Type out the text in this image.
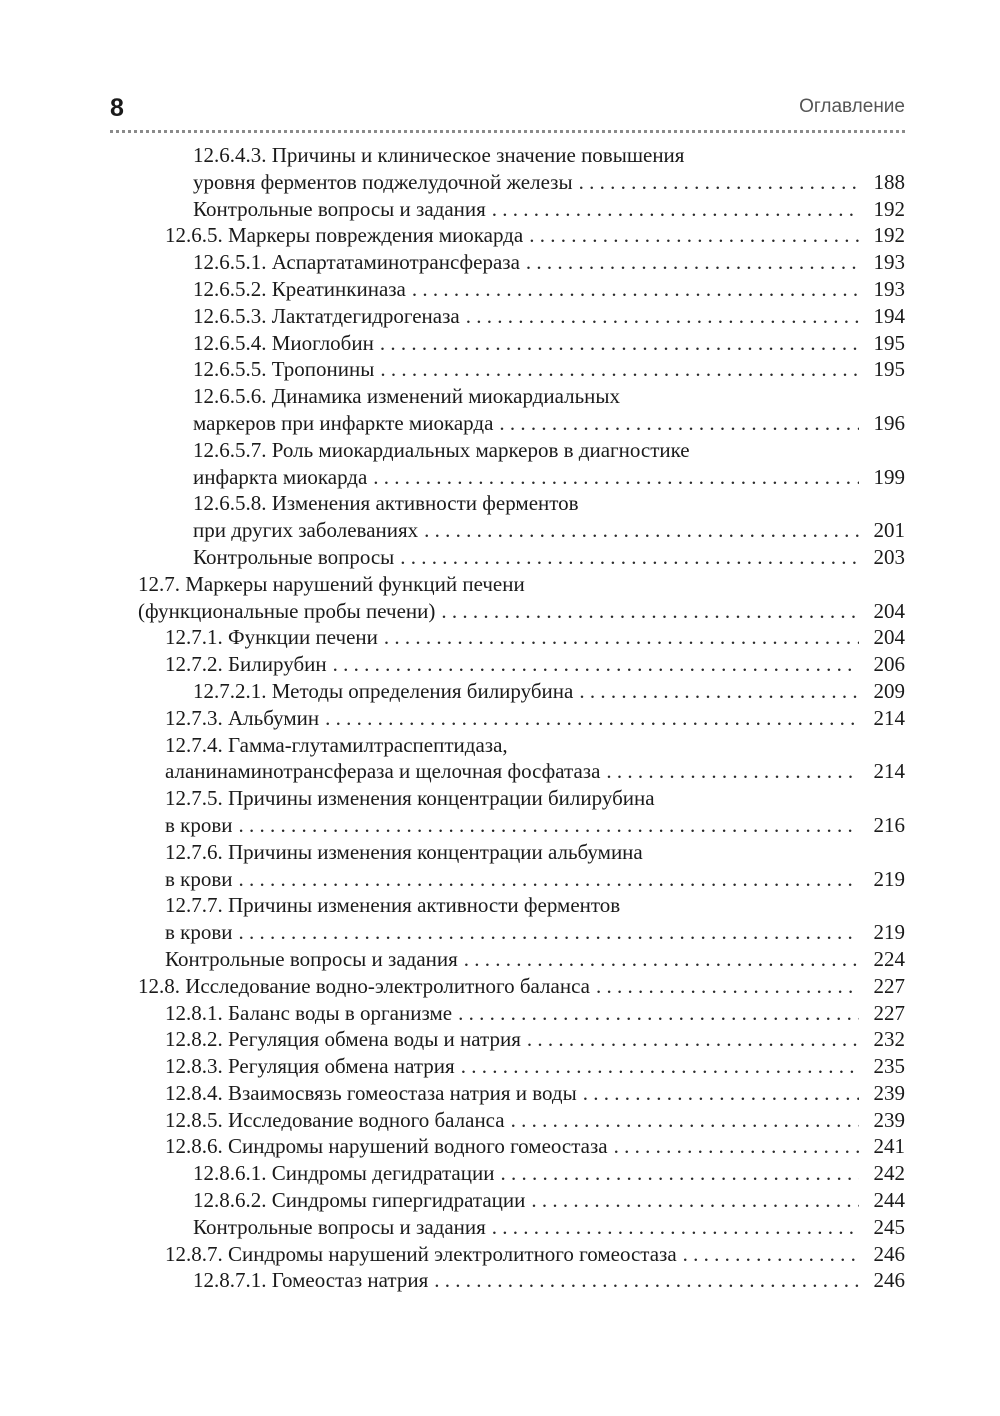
8	Оглавление
12.6.4.3. Причины и клиническое значение повышения
уровня ферментов поджелудочной железы . . .	188
Контрольные вопросы и задания . . .	192
12.6.5. Маркеры повреждения миокарда . . .	192
12.6.5.1. Аспартатаминотрансфераза . . .	193
12.6.5.2. Креатинкиназа . . .	193
12.6.5.3. Лактатдегидрогеназа . . .	194
12.6.5.4. Миоглобин . . .	195
12.6.5.5. Тропонины . . .	195
12.6.5.6. Динамика изменений миокардиальных
маркеров при инфаркте миокарда . . .	196
12.6.5.7. Роль миокардиальных маркеров в диагностике
инфаркта миокарда . . .	199
12.6.5.8. Изменения активности ферментов
при других заболеваниях . . .	201
Контрольные вопросы . . .	203
12.7. Маркеры нарушений функций печени
(функциональные пробы печени) . . .	204
12.7.1. Функции печени . . .	204
12.7.2. Билирубин . . .	206
12.7.2.1. Методы определения билирубина . . .	209
12.7.3. Альбумин . . .	214
12.7.4. Гамма-глутамилтраспептидаза,
аланинаминотрансфераза и щелочная фосфатаза . . .	214
12.7.5. Причины изменения концентрации билирубина
в крови . . .	216
12.7.6. Причины изменения концентрации альбумина
в крови . . .	219
12.7.7. Причины изменения активности ферментов
в крови . . .	219
Контрольные вопросы и задания . . .	224
12.8. Исследование водно-электролитного баланса . . .	227
12.8.1. Баланс воды в организме . . .	227
12.8.2. Регуляция обмена воды и натрия . . .	232
12.8.3. Регуляция обмена натрия . . .	235
12.8.4. Взаимосвязь гомеостаза натрия и воды . . .	239
12.8.5. Исследование водного баланса . . .	239
12.8.6. Синдромы нарушений водного гомеостаза . . .	241
12.8.6.1. Синдромы дегидратации . . .	242
12.8.6.2. Синдромы гипергидратации . . .	244
Контрольные вопросы и задания . . .	245
12.8.7. Синдромы нарушений электролитного гомеостаза . . .	246
12.8.7.1. Гомеостаз натрия . . .	246
